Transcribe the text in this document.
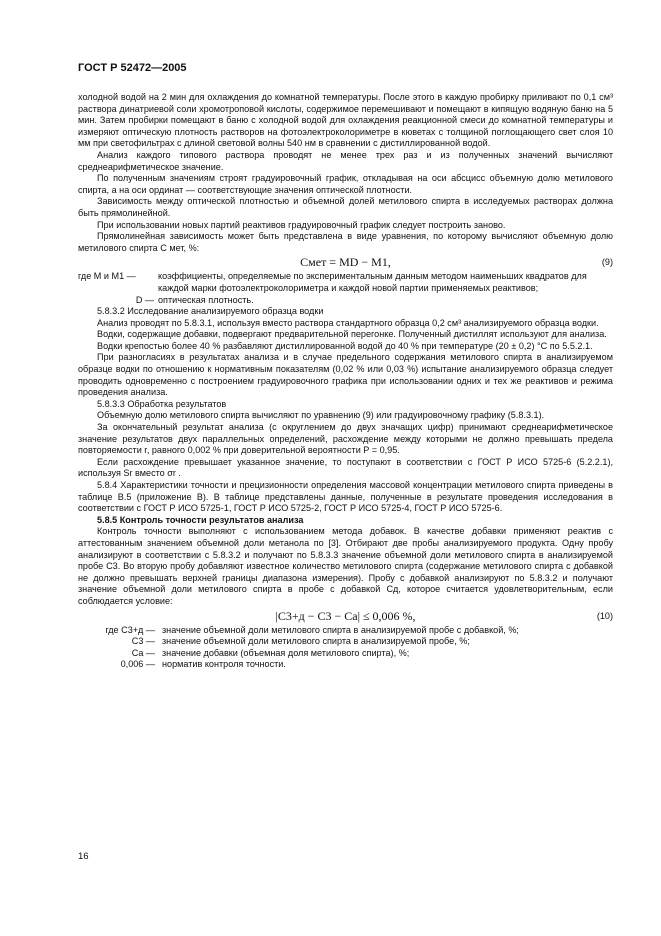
ГОСТ Р 52472—2005

холодной водой на 2 мин для охлаждения до комнатной температуры. После этого в каждую пробирку приливают по 0,1 см³ раствора динатриевой соли хромотроповой кислоты, содержимое перемешивают и помещают в кипящую водяную баню на 5 мин. Затем пробирки помещают в баню с холодной водой для охлаждения реакционной смеси до комнатной температуры и измеряют оптическую плотность растворов на фотоэлектроколориметре в кюветах с толщиной поглощающего свет слоя 10 мм при светофильтрах с длиной световой волны 540 нм в сравнении с дистиллированной водой.

Анализ каждого типового раствора проводят не менее трех раз и из полученных значений вычисляют среднеарифметическое значение.

По полученным значениям строят градуировочный график, откладывая на оси абсцисс объемную долю метилового спирта, а на оси ординат — соответствующие значения оптической плотности.

Зависимость между оптической плотностью и объемной долей метилового спирта в исследуемых растворах должна быть прямолинейной.

При использовании новых партий реактивов градуировочный график следует построить заново.

Прямолинейная зависимость может быть представлена в виде уравнения, по которому вычисляют объемную долю метилового спирта C мет, %:

Cмет = MD − M1,	(9)
где M и M1 —	коэффициенты, определяемые по экспериментальным данным методом наименьших квадратов для каждой марки фотоэлектроколориметра и каждой новой партии применяемых реактивов;
D — оптическая плотность.

5.8.3.2 Исследование анализируемого образца водки

Анализ проводят по 5.8.3.1, используя вместо раствора стандартного образца 0,2 см³ анализируемого образца водки.

Водки, содержащие добавки, подвергают предварительной перегонке. Полученный дистиллят используют для анализа.

Водки крепостью более 40 % разбавляют дистиллированной водой до 40 % при температуре (20 ± 0,2) °С по 5.5.2.1.

При разногласиях в результатах анализа и в случае предельного содержания метилового спирта в анализируемом образце водки по отношению к нормативным показателям (0,02 % или 0,03 %) испытание анализируемого образца следует проводить одновременно с построением градуировочного графика при использовании одних и тех же реактивов и режима проведения анализа.

5.8.3.3 Обработка результатов

Объемную долю метилового спирта вычисляют по уравнению (9) или градуировочному графику (5.8.3.1).

За окончательный результат анализа (с округлением до двух значащих цифр) принимают среднеарифметическое значение результатов двух параллельных определений, расхождение между которыми не должно превышать предела повторяемости r, равного 0,002 % при доверительной вероятности P = 0,95.

Если расхождение превышает указанное значение, то поступают в соответствии с ГОСТ Р ИСО 5725-6 (5.2.2.1), используя Sr вместо σr .

5.8.4 Характеристики точности и прецизионности определения массовой концентрации метилового спирта приведены в таблице В.5 (приложение В). В таблице представлены данные, полученные в результате проведения исследования в соответствии с ГОСТ Р ИСО 5725-1, ГОСТ Р ИСО 5725-2, ГОСТ Р ИСО 5725-4, ГОСТ Р ИСО 5725-6.

5.8.5 Контроль точности результатов анализа

Контроль точности выполняют с использованием метода добавок. В качестве добавки применяют реактив с аттестованным значением объемной доли метанола по [3]. Отбирают две пробы анализируемого продукта. Одну пробу анализируют в соответствии с 5.8.3.2 и получают по 5.8.3.3 значение объемной доли метилового спирта в анализируемой пробе C3. Во вторую пробу добавляют известное количество метилового спирта (содержание метилового спирта с добавкой не должно превышать верхней границы диапазона измерения). Пробу с добавкой анализируют по 5.8.3.2 и получают значение объемной доли метилового спирта в пробе с добавкой Cд, которое считается удовлетворительным, если соблюдается условие:

|C3+д − C3 − Cа| ≤ 0,006 %,	(10)
где C3+д — значение объемной доли метилового спирта в анализируемой пробе с добавкой, %;
C3 — значение объемной доли метилового спирта в анализируемой пробе, %;
Cа — значение добавки (объемная доля метилового спирта), %;
0,006 — норматив контроля точности.
16
